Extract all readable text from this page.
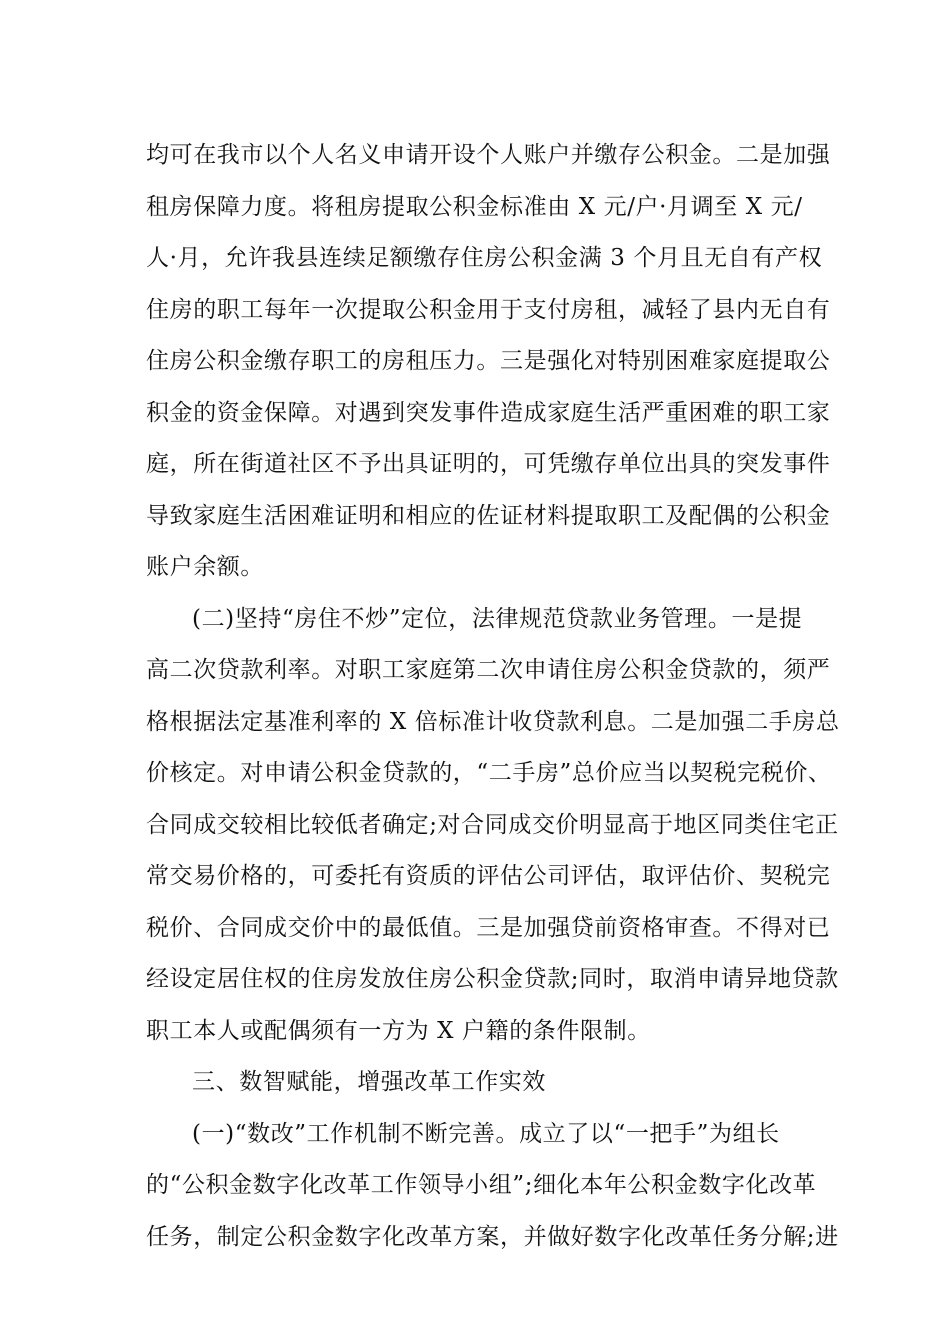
均可在我市以个人名义申请开设个人账户并缴存公积金。二是加强
租房保障力度。将租房提取公积金标准由 X 元/户·月调至 X 元/
人·月，允许我县连续足额缴存住房公积金满 3 个月且无自有产权
住房的职工每年一次提取公积金用于支付房租，减轻了县内无自有
住房公积金缴存职工的房租压力。三是强化对特别困难家庭提取公
积金的资金保障。对遇到突发事件造成家庭生活严重困难的职工家
庭，所在街道社区不予出具证明的，可凭缴存单位出具的突发事件
导致家庭生活困难证明和相应的佐证材料提取职工及配偶的公积金
账户余额。
(二)坚持“房住不炒”定位，法律规范贷款业务管理。一是提
高二次贷款利率。对职工家庭第二次申请住房公积金贷款的，须严
格根据法定基准利率的 X 倍标准计收贷款利息。二是加强二手房总
价核定。对申请公积金贷款的，“二手房”总价应当以契税完税价、
合同成交较相比较低者确定;对合同成交价明显高于地区同类住宅正
常交易价格的，可委托有资质的评估公司评估，取评估价、契税完
税价、合同成交价中的最低值。三是加强贷前资格审查。不得对已
经设定居住权的住房发放住房公积金贷款;同时，取消申请异地贷款
职工本人或配偶须有一方为 X 户籍的条件限制。
三、数智赋能，增强改革工作实效
(一)“数改”工作机制不断完善。成立了以“一把手”为组长
的“公积金数字化改革工作领导小组”;细化本年公积金数字化改革
任务，制定公积金数字化改革方案，并做好数字化改革任务分解;进
